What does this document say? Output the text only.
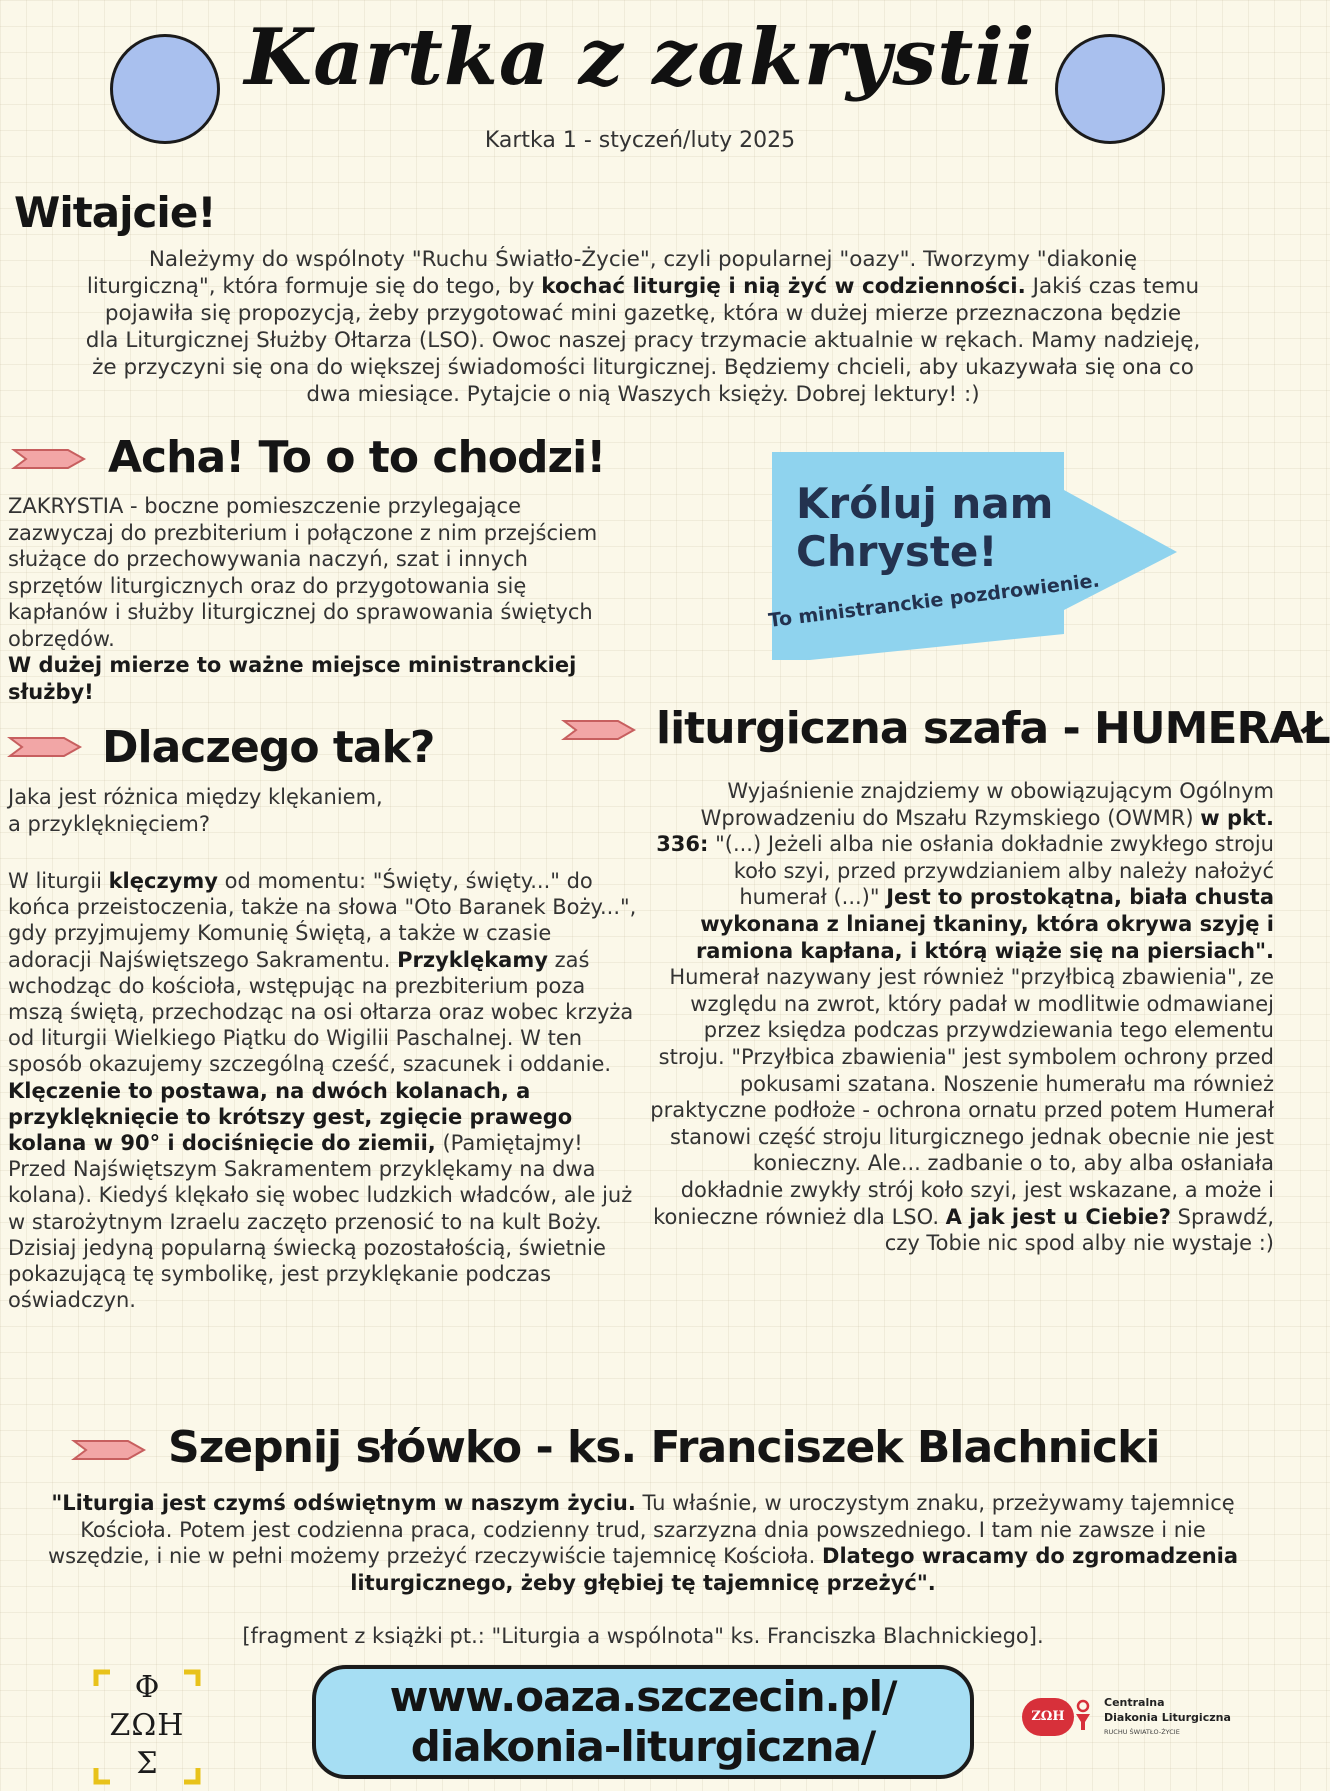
Kartka z zakrystii
Kartka 1 - styczeń/luty 2025
Witajcie!
Należymy do wspólnoty "Ruchu Światło-Życie", czyli popularnej "oazy". Tworzymy "diakonię
liturgiczną", która formuje się do tego, by kochać liturgię i nią żyć w codzienności. Jakiś czas temu
pojawiła się propozycją, żeby przygotować mini gazetkę, która w dużej mierze przeznaczona będzie
dla Liturgicznej Służby Ołtarza (LSO). Owoc naszej pracy trzymacie aktualnie w rękach. Mamy nadzieję,
że przyczyni się ona do większej świadomości liturgicznej. Będziemy chcieli, aby ukazywała się ona co
dwa miesiące. Pytajcie o nią Waszych księży. Dobrej lektury! :)
Acha! To o to chodzi!
ZAKRYSTIA - boczne pomieszczenie przylegające
zazwyczaj do prezbiterium i połączone z nim przejściem
służące do przechowywania naczyń, szat i innych
sprzętów liturgicznych oraz do przygotowania się
kapłanów i służby liturgicznej do sprawowania świętych
obrzędów.
W dużej mierze to ważne miejsce ministranckiej
służby!
Króluj nam
Chryste!
To ministranckie pozdrowienie.
Dlaczego tak?
Jaka jest różnica między klękaniem,
a przyklęknięciem?
W liturgii klęczymy od momentu: "Święty, święty..." do końca przeistoczenia, także na słowa "Oto Baranek Boży...", gdy przyjmujemy Komunię Świętą, a także w czasie adoracji Najświętszego Sakramentu. Przyklękamy zaś wchodząc do kościoła, wstępując na prezbiterium poza mszą świętą, przechodząc na osi ołtarza oraz wobec krzyża od liturgii Wielkiego Piątku do Wigilii Paschalnej. W ten sposób okazujemy szczególną cześć, szacunek i oddanie. Klęczenie to postawa, na dwóch kolanach, a przyklęknięcie to krótszy gest, zgięcie prawego kolana w 90° i dociśnięcie do ziemii, (Pamiętajmy! Przed Najświętszym Sakramentem przyklękamy na dwa kolana). Kiedyś klękało się wobec ludzkich władców, ale już w starożytnym Izraelu zaczęto przenosić to na kult Boży. Dzisiaj jedyną popularną świecką pozostałością, świetnie pokazującą tę symbolikę, jest przyklękanie podczas oświadczyn.
liturgiczna szafa - HUMERAŁ
Wyjaśnienie znajdziemy w obowiązującym Ogólnym Wprowadzeniu do Mszału Rzymskiego (OWMR) w pkt. 336: "(...) Jeżeli alba nie osłania dokładnie zwykłego stroju koło szyi, przed przywdzianiem alby należy nałożyć humerał (...)" Jest to prostokątna, biała chusta wykonana z lnianej tkaniny, która okrywa szyję i ramiona kapłana, i którą wiąże się na piersiach". Humerał nazywany jest również "przyłbicą zbawienia", ze względu na zwrot, który padał w modlitwie odmawianej przez księdza podczas przywdziewania tego elementu stroju. "Przyłbica zbawienia" jest symbolem ochrony przed pokusami szatana. Noszenie humerału ma również praktyczne podłoże - ochrona ornatu przed potem Humerał stanowi część stroju liturgicznego jednak obecnie nie jest konieczny. Ale... zadbanie o to, aby alba osłaniała dokładnie zwykły strój koło szyi, jest wskazane, a może i konieczne również dla LSO. A jak jest u Ciebie? Sprawdź, czy Tobie nic spod alby nie wystaje :)
Szepnij słówko - ks. Franciszek Blachnicki
"Liturgia jest czymś odświętnym w naszym życiu. Tu właśnie, w uroczystym znaku, przeżywamy tajemnicę Kościoła. Potem jest codzienna praca, codzienny trud, szarzyzna dnia powszedniego. I tam nie zawsze i nie wszędzie, i nie w pełni możemy przeżyć rzeczywiście tajemnicę Kościoła. Dlatego wracamy do zgromadzenia liturgicznego, żeby głębiej tę tajemnicę przeżyć".
[fragment z książki pt.: "Liturgia a wspólnota" ks. Franciszka Blachnickiego].
Φ
ΖΩΗ
Σ
www.oaza.szczecin.pl/
diakonia-liturgiczna/
ΖΩΗ
Centralna
Diakonia Liturgiczna
RUCHU ŚWIATŁO-ŻYCIE
